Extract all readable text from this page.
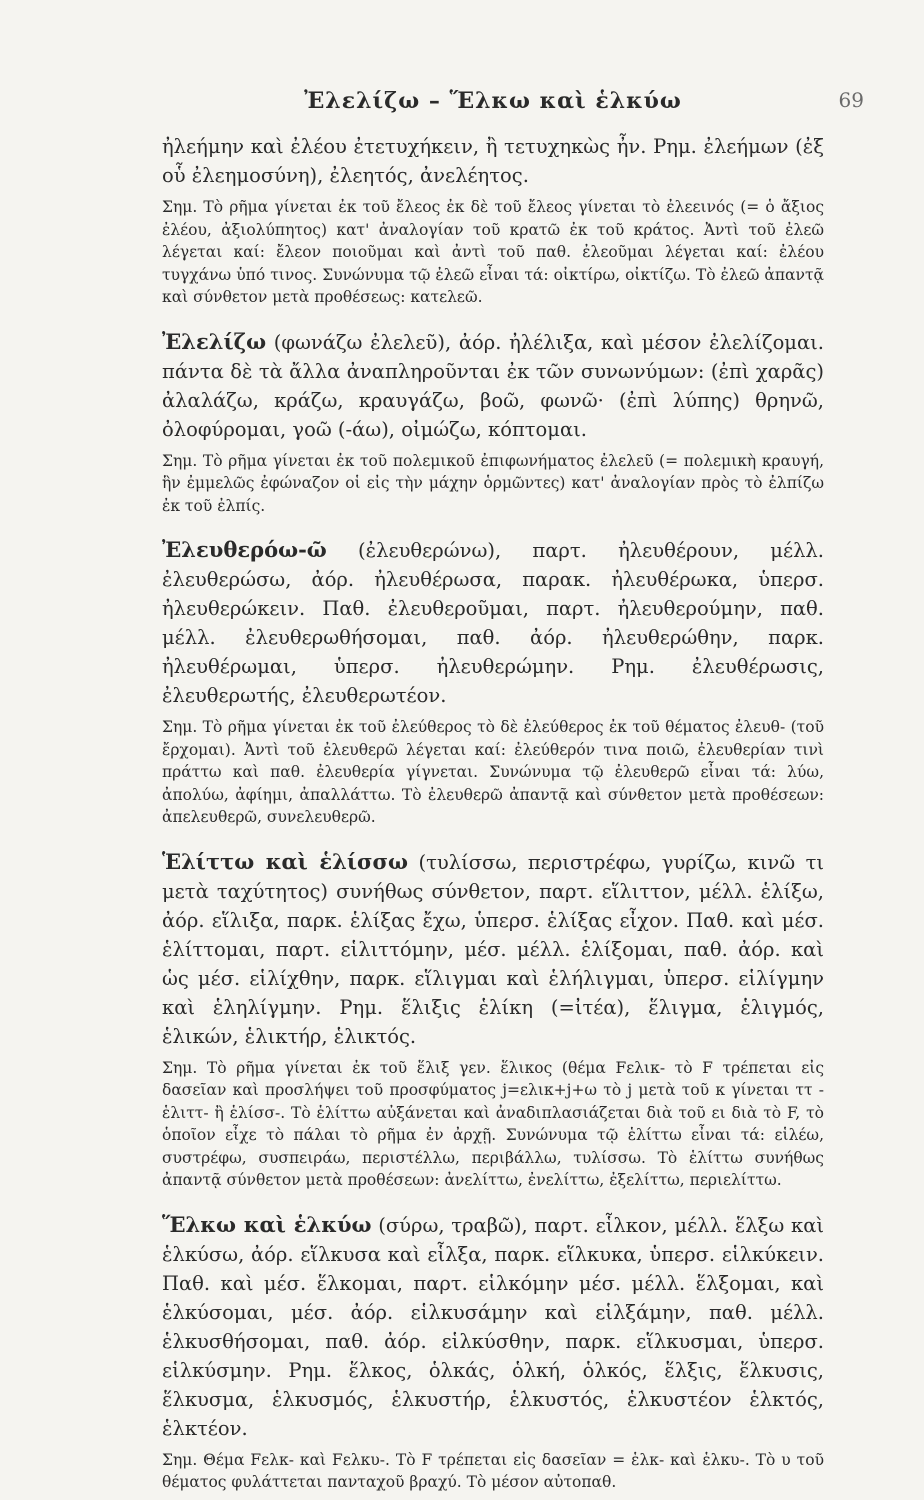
Ἐλελίζω – Ἕλκω καὶ ἑλκύω	69

ἠλεήμην καὶ ἐλέου ἐτετυχήκειν, ἢ τετυχηκὼς ἦν. Ρημ. ἐλεήμων (ἐξ οὗ ἐλεημοσύνη), ἐλεητός, ἀνελέητος.

Σημ. Τὸ ρῆμα γίνεται ἐκ τοῦ ἔλεος ἐκ δὲ τοῦ ἔλεος γίνεται τὸ ἐλεεινός (= ὁ ἄξιος ἐλέου, ἀξιολύπητος) κατ' ἀναλογίαν τοῦ κρατῶ ἐκ τοῦ κράτος. Ἀντὶ τοῦ ἐλεῶ λέγεται καί: ἔλεον ποιοῦμαι καὶ ἀντὶ τοῦ παθ. ἐλεοῦμαι λέγεται καί: ἐλέου τυγχάνω ὑπό τινος. Συνώνυμα τῷ ἐλεῶ εἶναι τά: οἰκτίρω, οἰκτίζω. Τὸ ἐλεῶ ἀπαντᾷ καὶ σύνθετον μετὰ προθέσεως: κατελεῶ.

Ἐλελίζω (φωνάζω ἐλελεῦ), ἀόρ. ἠλέλιξα, καὶ μέσον ἐλελίζομαι. πάντα δὲ τὰ ἄλλα ἀναπληροῦνται ἐκ τῶν συνωνύμων: (ἐπὶ χαρᾶς) ἀλαλάζω, κράζω, κραυγάζω, βοῶ, φωνῶ· (ἐπὶ λύπης) θρηνῶ, ὀλοφύρομαι, γοῶ (-άω), οἰμώζω, κόπτομαι.

Σημ. Τὸ ρῆμα γίνεται ἐκ τοῦ πολεμικοῦ ἐπιφωνήματος ἐλελεῦ (= πολεμικὴ κραυγή, ἣν ἐμμελῶς ἐφώναζον οἱ εἰς τὴν μάχην ὁρμῶντες) κατ' ἀναλογίαν πρὸς τὸ ἐλπίζω ἐκ τοῦ ἐλπίς.

Ἐλευθερόω-ῶ (ἐλευθερώνω), παρτ. ἠλευθέρουν, μέλλ. ἐλευθερώσω, ἀόρ. ἠλευθέρωσα, παρακ. ἠλευθέρωκα, ὑπερσ. ἠλευθερώκειν. Παθ. ἐλευθεροῦμαι, παρτ. ἠλευθερούμην, παθ. μέλλ. ἐλευθερωθήσομαι, παθ. ἀόρ. ἠλευθερώθην, παρκ. ἠλευθέρωμαι, ὑπερσ. ἠλευθερώμην. Ρημ. ἐλευθέρωσις, ἐλευθερωτής, ἐλευθερωτέον.

Σημ. Τὸ ρῆμα γίνεται ἐκ τοῦ ἐλεύθερος τὸ δὲ ἐλεύθερος ἐκ τοῦ θέματος ἐλευθ- (τοῦ ἔρχομαι). Ἀντὶ τοῦ ἐλευθερῶ λέγεται καί: ἐλεύθερόν τινα ποιῶ, ἐλευθερίαν τινὶ πράττω καὶ παθ. ἐλευθερία γίγνεται. Συνώνυμα τῷ ἐλευθερῶ εἶναι τά: λύω, ἀπολύω, ἀφίημι, ἀπαλλάττω. Τὸ ἐλευθερῶ ἀπαντᾷ καὶ σύνθετον μετὰ προθέσεων: ἀπελευθερῶ, συνελευθερῶ.

Ἑλίττω καὶ ἑλίσσω (τυλίσσω, περιστρέφω, γυρίζω, κινῶ τι μετὰ ταχύτητος) συνήθως σύνθετον, παρτ. εἵλιττον, μέλλ. ἑλίξω, ἀόρ. εἵλιξα, παρκ. ἑλίξας ἔχω, ὑπερσ. ἑλίξας εἶχον. Παθ. καὶ μέσ. ἑλίττομαι, παρτ. εἱλιττόμην, μέσ. μέλλ. ἑλίξομαι, παθ. ἀόρ. καὶ ὡς μέσ. εἱλίχθην, παρκ. εἵλιγμαι καὶ ἑλήλιγμαι, ὑπερσ. εἱλίγμην καὶ ἑληλίγμην. Ρημ. ἕλιξις ἑλίκη (=ἰτέα), ἕλιγμα, ἑλιγμός, ἑλικών, ἑλικτήρ, ἑλικτός.

Σημ. Τὸ ρῆμα γίνεται ἐκ τοῦ ἕλιξ γεν. ἕλικος (θέμα Fελικ- τὸ F τρέπεται εἰς δασεῖαν καὶ προσλήψει τοῦ προσφύματος j=ελικ+j+ω τὸ j μετὰ τοῦ κ γίνεται ττ - ἑλιττ- ἢ ἑλίσσ-. Τὸ ἑλίττω αὐξάνεται καὶ ἀναδιπλασιάζεται διὰ τοῦ ει διὰ τὸ F, τὸ ὁποῖον εἶχε τὸ πάλαι τὸ ρῆμα ἐν ἀρχῇ. Συνώνυμα τῷ ἑλίττω εἶναι τά: εἱλέω, συστρέφω, συσπειράω, περιστέλλω, περιβάλλω, τυλίσσω. Τὸ ἑλίττω συνήθως ἀπαντᾷ σύνθετον μετὰ προθέσεων: ἀνελίττω, ἐνελίττω, ἐξελίττω, περιελίττω.

Ἕλκω καὶ ἑλκύω (σύρω, τραβῶ), παρτ. εἷλκον, μέλλ. ἕλξω καὶ ἑλκύσω, ἀόρ. εἵλκυσα καὶ εἷλξα, παρκ. εἵλκυκα, ὑπερσ. εἱλκύκειν. Παθ. καὶ μέσ. ἕλκομαι, παρτ. εἱλκόμην μέσ. μέλλ. ἕλξομαι, καὶ ἑλκύσομαι, μέσ. ἀόρ. εἱλκυσάμην καὶ εἱλξάμην, παθ. μέλλ. ἑλκυσθήσομαι, παθ. ἀόρ. εἱλκύσθην, παρκ. εἵλκυσμαι, ὑπερσ. εἱλκύσμην. Ρημ. ἕλκος, ὁλκάς, ὁλκή, ὁλκός, ἕλξις, ἕλκυσις, ἕλκυσμα, ἑλκυσμός, ἑλκυστήρ, ἑλκυστός, ἑλκυστέον ἑλκτός, ἑλκτέον.

Σημ. Θέμα Fελκ- καὶ Fελκυ-. Τὸ F τρέπεται εἰς δασεῖαν = ἑλκ- καὶ ἑλκυ-. Τὸ υ τοῦ θέματος φυλάττεται πανταχοῦ βραχύ. Τὸ μέσον αὐτοπαθ.
